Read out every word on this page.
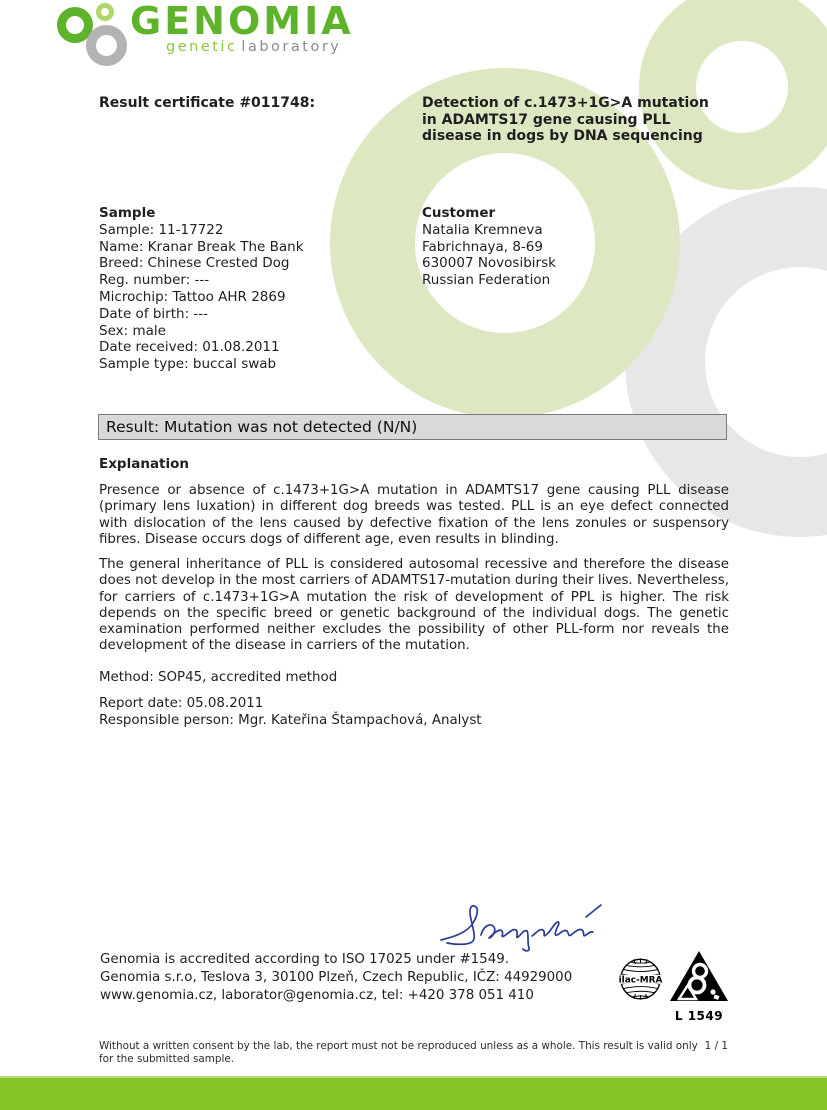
GENOMIA
genetic laboratory
Result certificate #011748:	Detection of c.1473+1G>A mutation in ADAMTS17 gene causing PLL disease in dogs by DNA sequencing
Sample
Sample: 11-17722
Name: Kranar Break The Bank
Breed: Chinese Crested Dog
Reg. number: ---
Microchip: Tattoo AHR 2869
Date of birth: ---
Sex: male
Date received: 01.08.2011
Sample type: buccal swab
Customer
Natalia Kremneva
Fabrichnaya, 8-69
630007 Novosibirsk
Russian Federation
Result: Mutation was not detected (N/N)
Explanation
Presence or absence of c.1473+1G>A mutation in ADAMTS17 gene causing PLL disease (primary lens luxation) in different dog breeds was tested. PLL is an eye defect connected with dislocation of the lens caused by defective fixation of the lens zonules or suspensory fibres. Disease occurs dogs of different age, even results in blinding.
The general inheritance of PLL is considered autosomal recessive and therefore the disease does not develop in the most carriers of ADAMTS17-mutation during their lives. Nevertheless, for carriers of c.1473+1G>A mutation the risk of development of PPL is higher. The risk depends on the specific breed or genetic background of the individual dogs. The genetic examination performed neither excludes the possibility of other PLL-form nor reveals the development of the disease in carriers of the mutation.
Method: SOP45, accredited method
Report date: 05.08.2011
Responsible person: Mgr. Kateřina Štampachová, Analyst
Genomia is accredited according to ISO 17025 under #1549.
Genomia s.r.o, Teslova 3, 30100 Plzeň, Czech Republic, IČZ: 44929000
www.genomia.cz, laborator@genomia.cz, tel: +420 378 051 410
ilac-MRA
L 1549
1 / 1
Without a written consent by the lab, the report must not be reproduced unless as a whole. This result is valid only for the submitted sample.
